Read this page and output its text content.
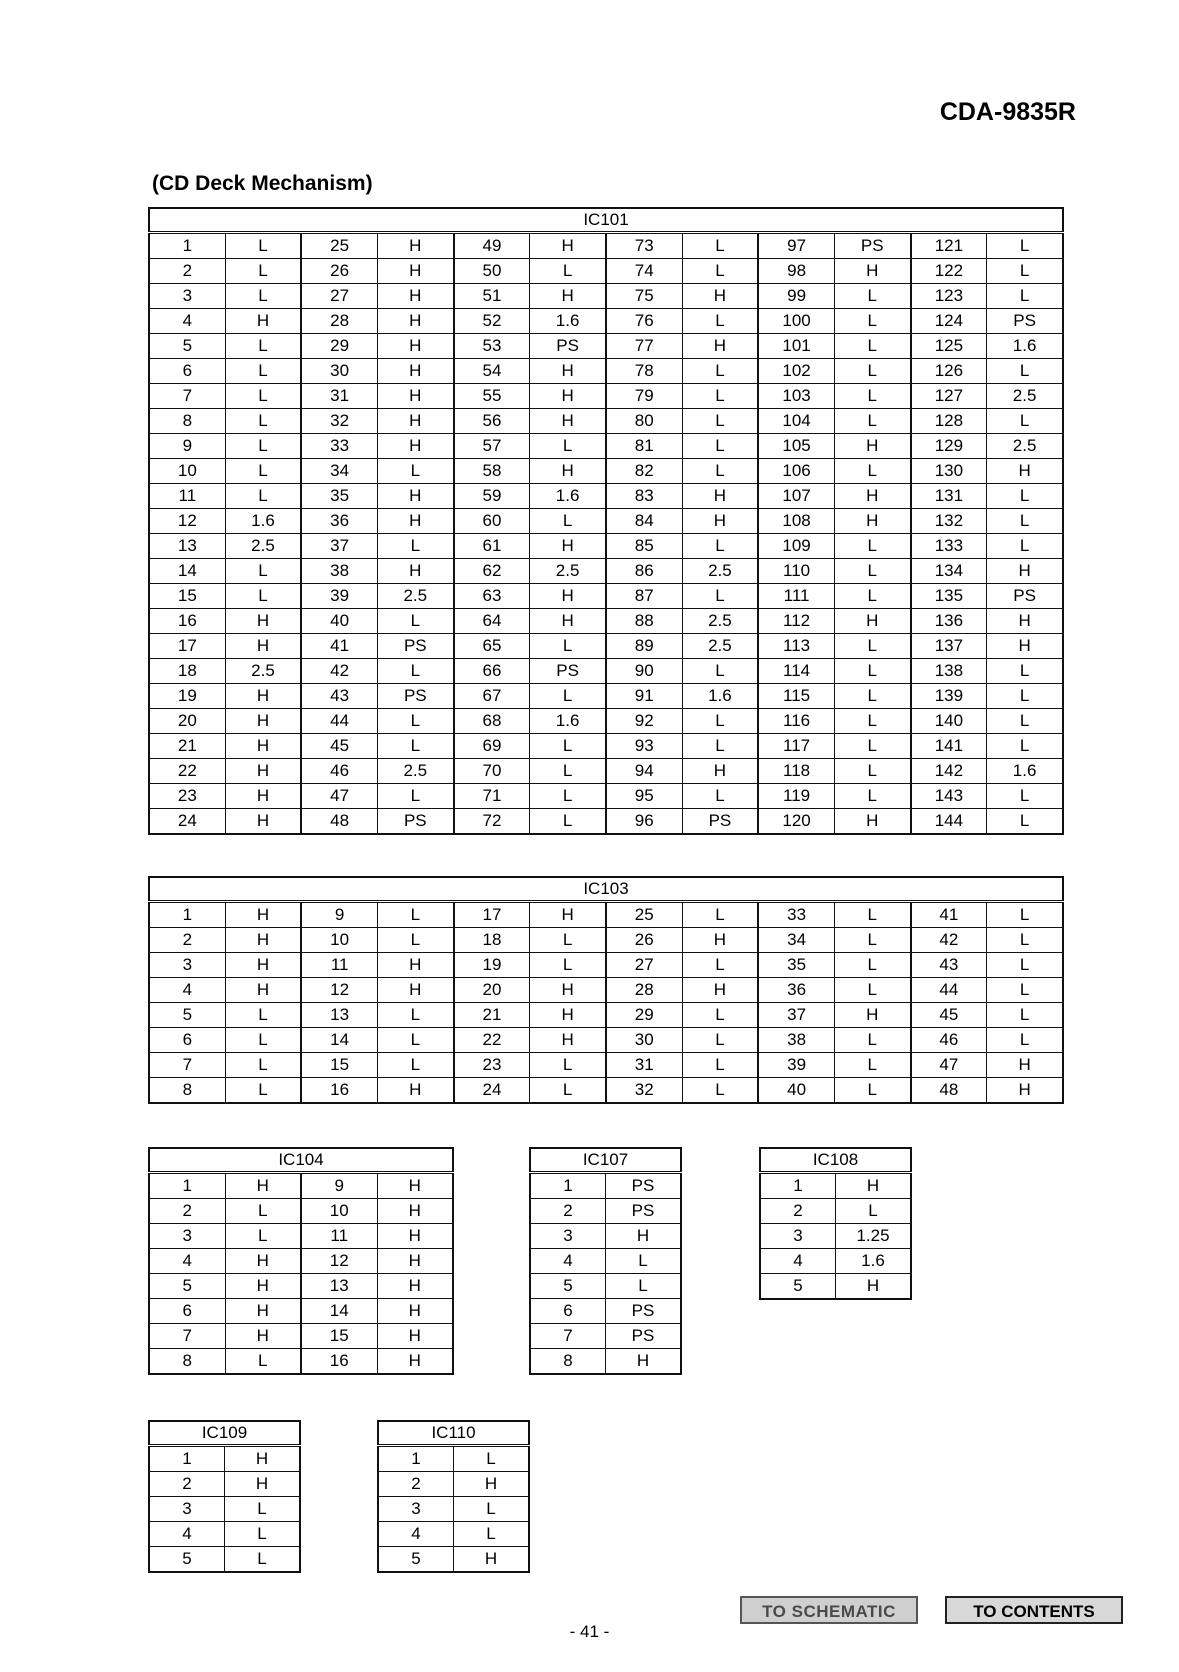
CDA-9835R
(CD Deck Mechanism)
IC101											
1	L	25	H	49	H	73	L	97	PS	121	L
2	L	26	H	50	L	74	L	98	H	122	L
3	L	27	H	51	H	75	H	99	L	123	L
4	H	28	H	52	1.6	76	L	100	L	124	PS
5	L	29	H	53	PS	77	H	101	L	125	1.6
6	L	30	H	54	H	78	L	102	L	126	L
7	L	31	H	55	H	79	L	103	L	127	2.5
8	L	32	H	56	H	80	L	104	L	128	L
9	L	33	H	57	L	81	L	105	H	129	2.5
10	L	34	L	58	H	82	L	106	L	130	H
11	L	35	H	59	1.6	83	H	107	H	131	L
12	1.6	36	H	60	L	84	H	108	H	132	L
13	2.5	37	L	61	H	85	L	109	L	133	L
14	L	38	H	62	2.5	86	2.5	110	L	134	H
15	L	39	2.5	63	H	87	L	111	L	135	PS
16	H	40	L	64	H	88	2.5	112	H	136	H
17	H	41	PS	65	L	89	2.5	113	L	137	H
18	2.5	42	L	66	PS	90	L	114	L	138	L
19	H	43	PS	67	L	91	1.6	115	L	139	L
20	H	44	L	68	1.6	92	L	116	L	140	L
21	H	45	L	69	L	93	L	117	L	141	L
22	H	46	2.5	70	L	94	H	118	L	142	1.6
23	H	47	L	71	L	95	L	119	L	143	L
24	H	48	PS	72	L	96	PS	120	H	144	L
IC103											
1	H	9	L	17	H	25	L	33	L	41	L
2	H	10	L	18	L	26	H	34	L	42	L
3	H	11	H	19	L	27	L	35	L	43	L
4	H	12	H	20	H	28	H	36	L	44	L
5	L	13	L	21	H	29	L	37	H	45	L
6	L	14	L	22	H	30	L	38	L	46	L
7	L	15	L	23	L	31	L	39	L	47	H
8	L	16	H	24	L	32	L	40	L	48	H
IC104			
1	H	9	H
2	L	10	H
3	L	11	H
4	H	12	H
5	H	13	H
6	H	14	H
7	H	15	H
8	L	16	H
IC107	
1	PS
2	PS
3	H
4	L
5	L
6	PS
7	PS
8	H
IC108	
1	H
2	L
3	1.25
4	1.6
5	H
IC109	
1	H
2	H
3	L
4	L
5	L
IC110	
1	L
2	H
3	L
4	L
5	H
TO SCHEMATIC	TO CONTENTS
- 41 -
